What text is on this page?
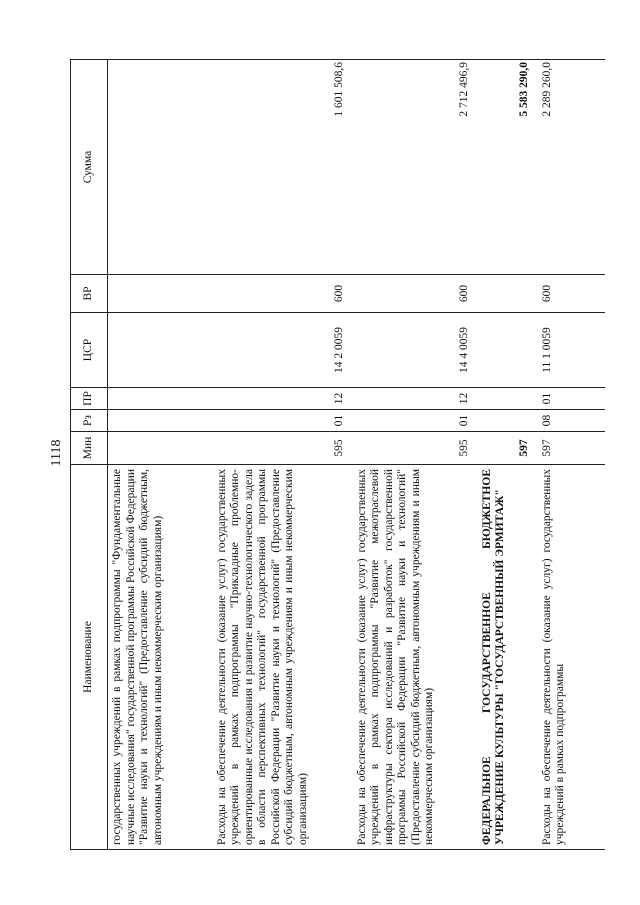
1118
Наименование	Мин	Рз	ПР	ЦСР	ВР	Сумма
государственных учреждений в рамках подпрограммы "Фундаментальные научные исследования" государственной программы Российской Федерации "Развитие науки и технологий" (Предоставление субсидий бюджетным, автономным учреждениям и иным некоммерческим организациям)						
Расходы на обеспечение деятельности (оказание услуг) государственных учреждений в рамках подпрограммы "Прикладные проблемно-ориентированные исследования и развитие научно-технологического задела в области перспективных технологий" государственной программы Российской Федерации "Развитие науки и технологий" (Предоставление субсидий бюджетным, автономным учреждениям и иным некоммерческим организациям)	595	01	12	14 2 0059	600	1 601 508,6
Расходы на обеспечение деятельности (оказание услуг) государственных учреждений в рамках подпрограммы "Развитие межотраслевой инфраструктуры сектора исследований и разработок" государственной программы Российской Федерации "Развитие науки и технологий" (Предоставление субсидий бюджетным, автономным учреждениям и иным некоммерческим организациям)	595	01	12	14 4 0059	600	2 712 496,9
ФЕДЕРАЛЬНОЕ ГОСУДАРСТВЕННОЕ БЮДЖЕТНОЕ УЧРЕЖДЕНИЕ КУЛЬТУРЫ "ГОСУДАРСТВЕННЫЙ ЭРМИТАЖ"	597					5 583 290,0
Расходы на обеспечение деятельности (оказание услуг) государственных учреждений в рамках подпрограммы	597	08	01	11 1 0059	600	2 289 260,0
